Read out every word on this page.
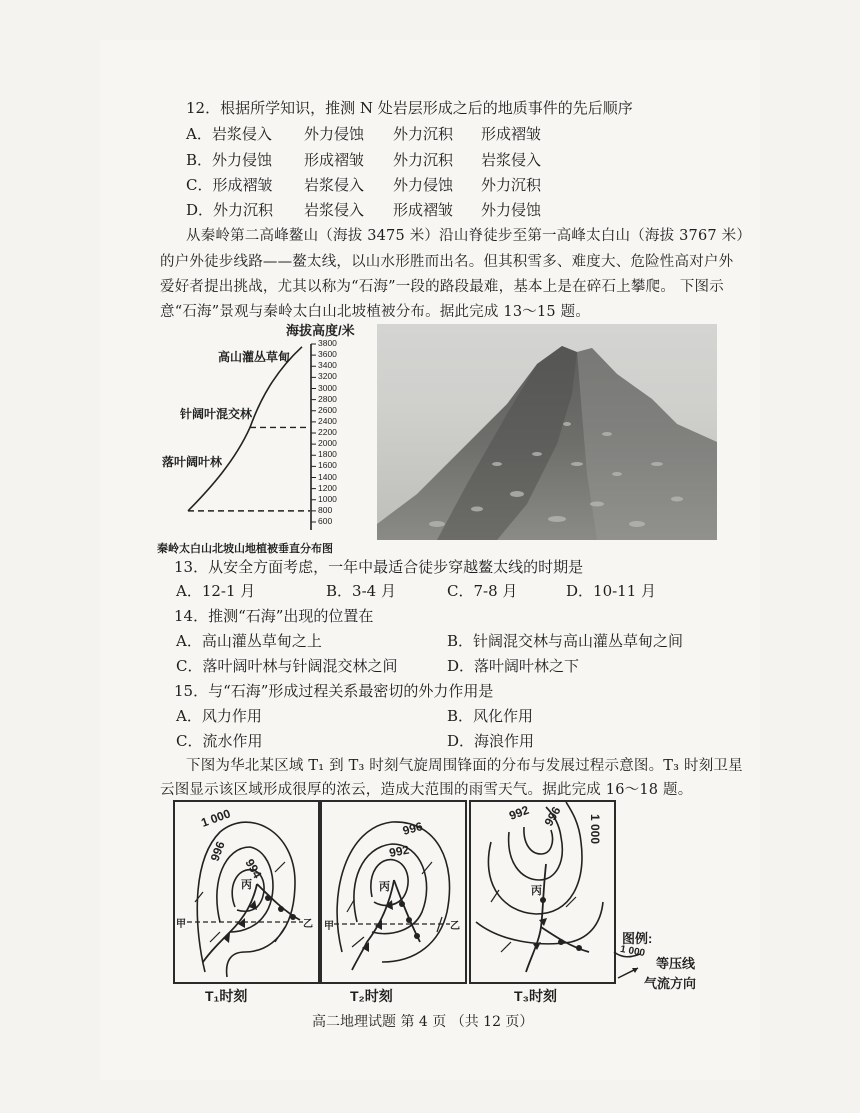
12．根据所学知识，推测 N 处岩层形成之后的地质事件的先后顺序
A．岩浆侵入 外力侵蚀 外力沉积 形成褶皱
B．外力侵蚀 形成褶皱 外力沉积 岩浆侵入
C．形成褶皱 岩浆侵入 外力侵蚀 外力沉积
D．外力沉积 岩浆侵入 形成褶皱 外力侵蚀
从秦岭第二高峰鳌山（海拔 3475 米）沿山脊徒步至第一高峰太白山（海拔 3767 米）
的户外徒步线路——鳌太线，以山水形胜而出名。但其积雪多、难度大、危险性高对户外
爱好者提出挑战，尤其以称为“石海”一段的路段最难，基本上是在碎石上攀爬。 下图示
意“石海”景观与秦岭太白山北坡植被分布。据此完成 13～15 题。
海拔高度/米
3800
3600
3400
3200
3000
2800
2600
2400
2200
2000
1800
1600
1400
1200
1000
800
600
高山灌丛草甸
针阔叶混交林
落叶阔叶林
秦岭太白山北坡山地植被垂直分布图
13．从安全方面考虑，一年中最适合徒步穿越鳌太线的时期是
A．12-1 月	B．3-4 月	C．7-8 月	D．10-11 月
14．推测“石海”出现的位置在
A．高山灌丛草甸之上	B．针阔混交林与高山灌丛草甸之间
C．落叶阔叶林与针阔混交林之间	D．落叶阔叶林之下
15．与“石海”形成过程关系最密切的外力作用是
A．风力作用	B．风化作用
C．流水作用	D．海浪作用
下图为华北某区域 T₁ 到 T₃ 时刻气旋周围锋面的分布与发展过程示意图。T₃ 时刻卫星
云图显示该区域形成很厚的浓云，造成大范围的雨雪天气。据此完成 16～18 题。
1 000
996
994
丙
甲	乙
T₁时刻
996
992
丙
甲	乙
T₂时刻
992 996 1 000
丙
T₃时刻
图例:
1 000
等压线
气流方向
高二地理试题 第 4 页 （共 12 页）
